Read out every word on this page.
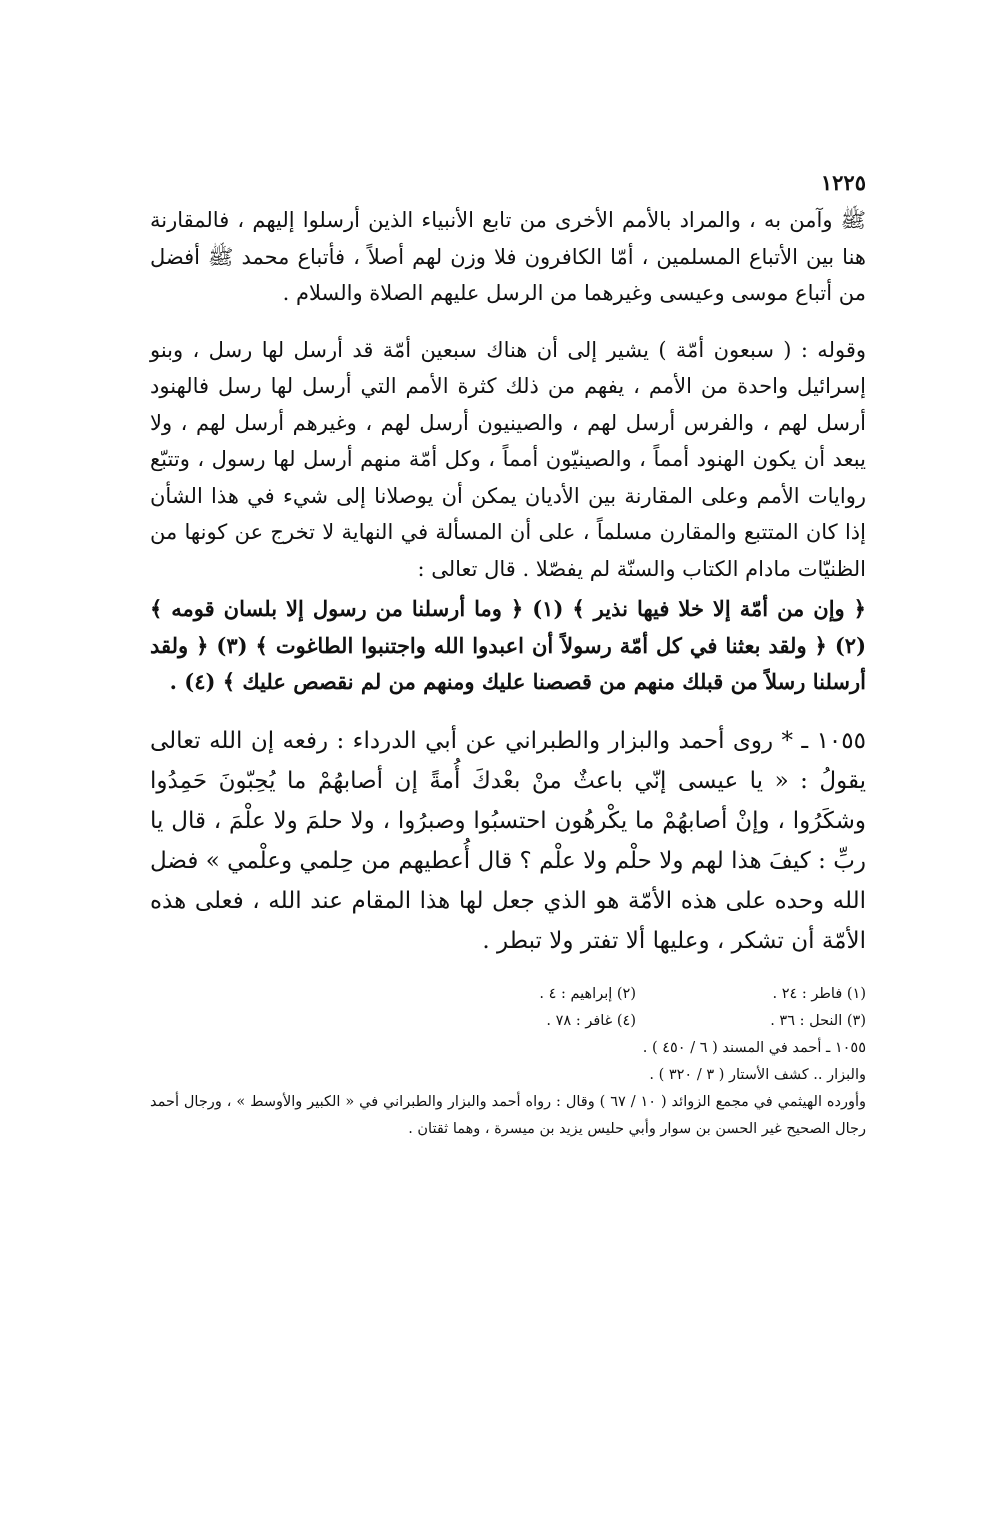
١٢٢٥

ﷺ وآمن به ، والمراد بالأمم الأخرى من تابع الأنبياء الذين أرسلوا إليهم ، فالمقارنة هنا بين الأتباع المسلمين ، أمّا الكافرون فلا وزن لهم أصلاً ، فأتباع محمد ﷺ أفضل من أتباع موسى وعيسى وغيرهما من الرسل عليهم الصلاة والسلام .

وقوله : ( سبعون أمّة ) يشير إلى أن هناك سبعين أمّة قد أرسل لها رسل ، وبنو إسرائيل واحدة من الأمم ، يفهم من ذلك كثرة الأمم التي أرسل لها رسل فالهنود أرسل لهم ، والفرس أرسل لهم ، والصينيون أرسل لهم ، وغيرهم أرسل لهم ، ولا يبعد أن يكون الهنود أمماً ، والصينيّون أمماً ، وكل أمّة منهم أرسل لها رسول ، وتتبّع روايات الأمم وعلى المقارنة بين الأديان يمكن أن يوصلانا إلى شيء في هذا الشأن إذا كان المتتبع والمقارن مسلماً ، على أن المسألة في النهاية لا تخرج عن كونها من الظنيّات مادام الكتاب والسنّة لم يفصّلا . قال تعالى :

﴿ وإن من أمّة إلا خلا فيها نذير ﴾ (١) ﴿ وما أرسلنا من رسول إلا بلسان قومه ﴾ (٢) ﴿ ولقد بعثنا في كل أمّة رسولاً أن اعبدوا الله واجتنبوا الطاغوت ﴾ (٣) ﴿ ولقد أرسلنا رسلاً من قبلك منهم من قصصنا عليك ومنهم من لم نقصص عليك ﴾ (٤) .

١٠٥٥ ـ * روى أحمد والبزار والطبراني عن أبي الدرداء : رفعه إن الله تعالى يقولُ : « يا عيسى إنّي باعثٌ منْ بعْدكَ أُمةً إن أصابهُمْ ما يُحِبّونَ حَمِدُوا وشكَرُوا ، وإنْ أصابهُمْ ما يكْرهُون احتسبُوا وصبرُوا ، ولا حلمَ ولا علْمَ ، قال يا ربِّ : كيفَ هذا لهم ولا حلْم ولا علْم ؟ قال أُعطيهم من حِلمي وعلْمي » فضل الله وحده على هذه الأمّة هو الذي جعل لها هذا المقام عند الله ، فعلى هذه الأمّة أن تشكر ، وعليها ألا تفتر ولا تبطر .

(١) فاطر : ٢٤ .
(٢) إبراهيم : ٤ .
(٣) النحل : ٣٦ .
(٤) غافر : ٧٨ .
١٠٥٥ ـ أحمد في المسند ( ٦ / ٤٥٠ ) .
والبزار .. كشف الأستار ( ٣ / ٣٢٠ ) .
وأورده الهيثمي في مجمع الزوائد ( ١٠ / ٦٧ ) وقال : رواه أحمد والبزار والطبراني في « الكبير والأوسط » ، ورجال أحمد رجال الصحيح غير الحسن بن سوار وأبي حليس يزيد بن ميسرة ، وهما ثقتان .
